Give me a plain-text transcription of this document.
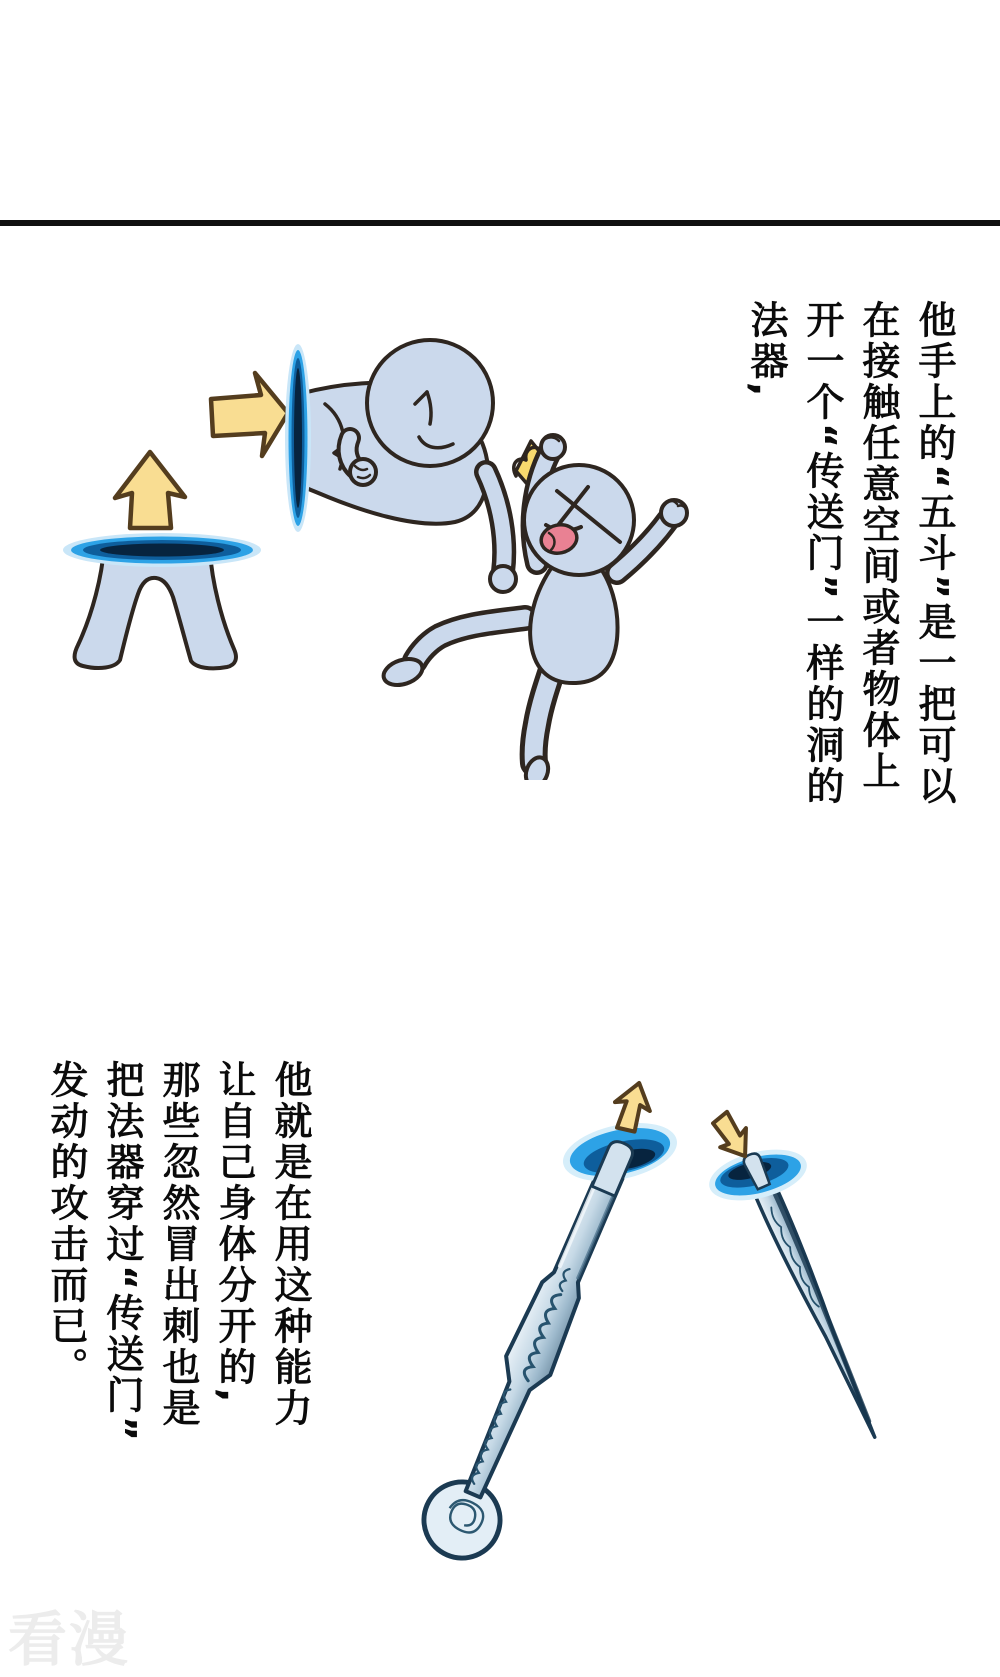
他手上的“五斗”是一把可以
在接触任意空间或者物体上
开一个“传送门”一样的洞的
法器,
他就是在用这种能力
让自己身体分开的,
那些忽然冒出刺也是
把法器穿过“传送门”
发动的攻击而已。
看漫
